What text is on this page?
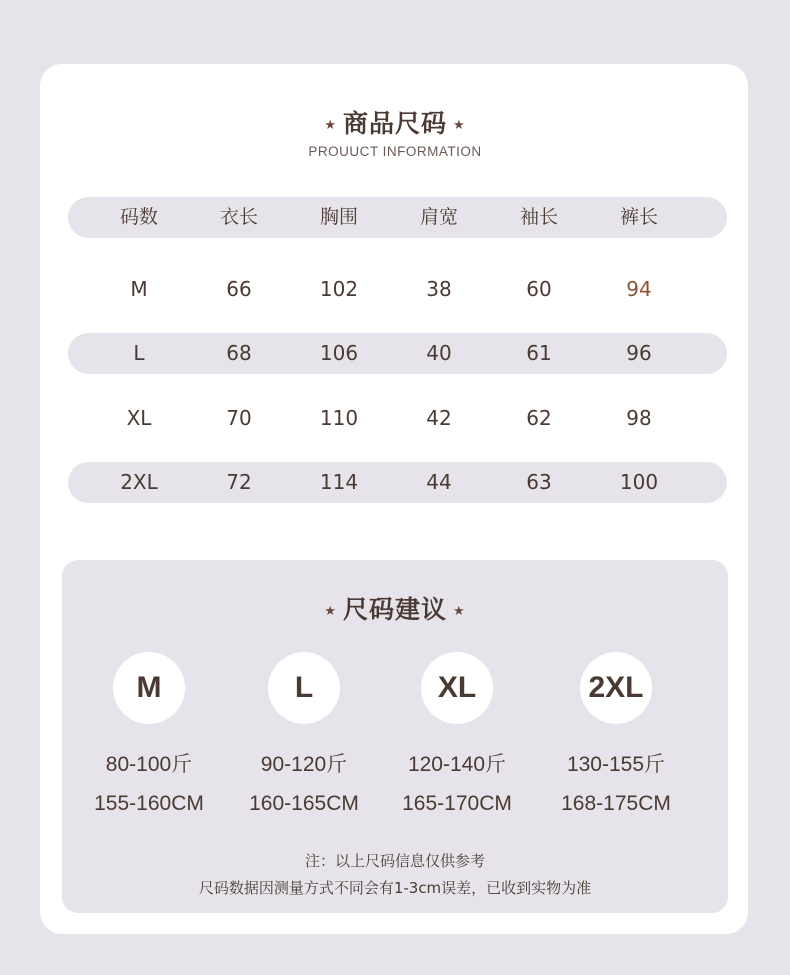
★ 商品尺码 ★
PROUUCT INFORMATION
码数	衣长	胸围	肩宽	袖长	裤长
M	66	102	38	60	94
L	68	106	40	61	96
XL	70	110	42	62	98
2XL	72	114	44	63	100
★ 尺码建议 ★
M	L	XL	2XL
80-100斤	90-120斤	120-140斤	130-155斤
155-160CM	160-165CM	165-170CM	168-175CM
注：以上尺码信息仅供参考
尺码数据因测量方式不同会有1-3cm误差，已收到实物为准
